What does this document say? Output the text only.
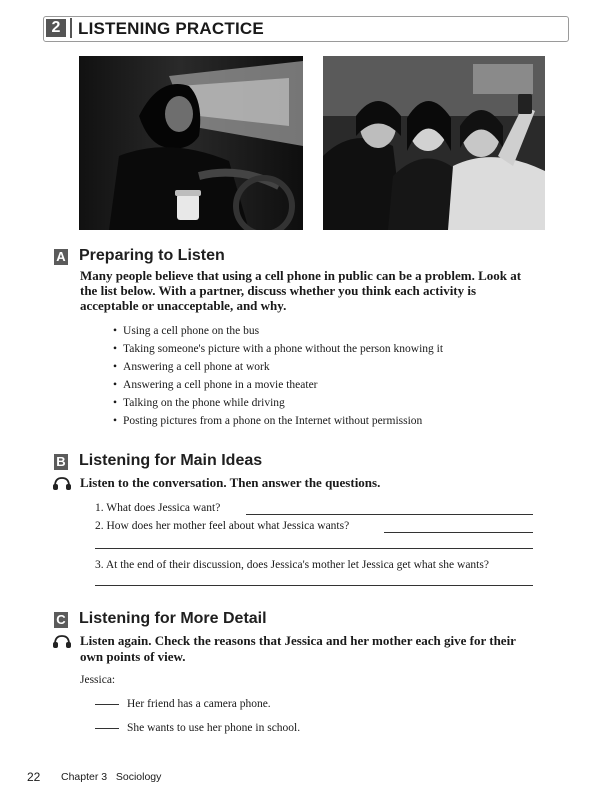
2	LISTENING PRACTICE
A Preparing to Listen
Many people believe that using a cell phone in public can be a problem. Look at the list below. With a partner, discuss whether you think each activity is acceptable or unacceptable, and why.
• Using a cell phone on the bus
• Taking someone's picture with a phone without the person knowing it
• Answering a cell phone at work
• Answering a cell phone in a movie theater
• Talking on the phone while driving
• Posting pictures from a phone on the Internet without permission
B Listening for Main Ideas
Listen to the conversation. Then answer the questions.
1. What does Jessica want?
2. How does her mother feel about what Jessica wants?
3. At the end of their discussion, does Jessica's mother let Jessica get what she wants?
C Listening for More Detail
Listen again. Check the reasons that Jessica and her mother each give for their
own points of view.
Jessica:
Her friend has a camera phone.
She wants to use her phone in school.
22 Chapter 3   Sociology
